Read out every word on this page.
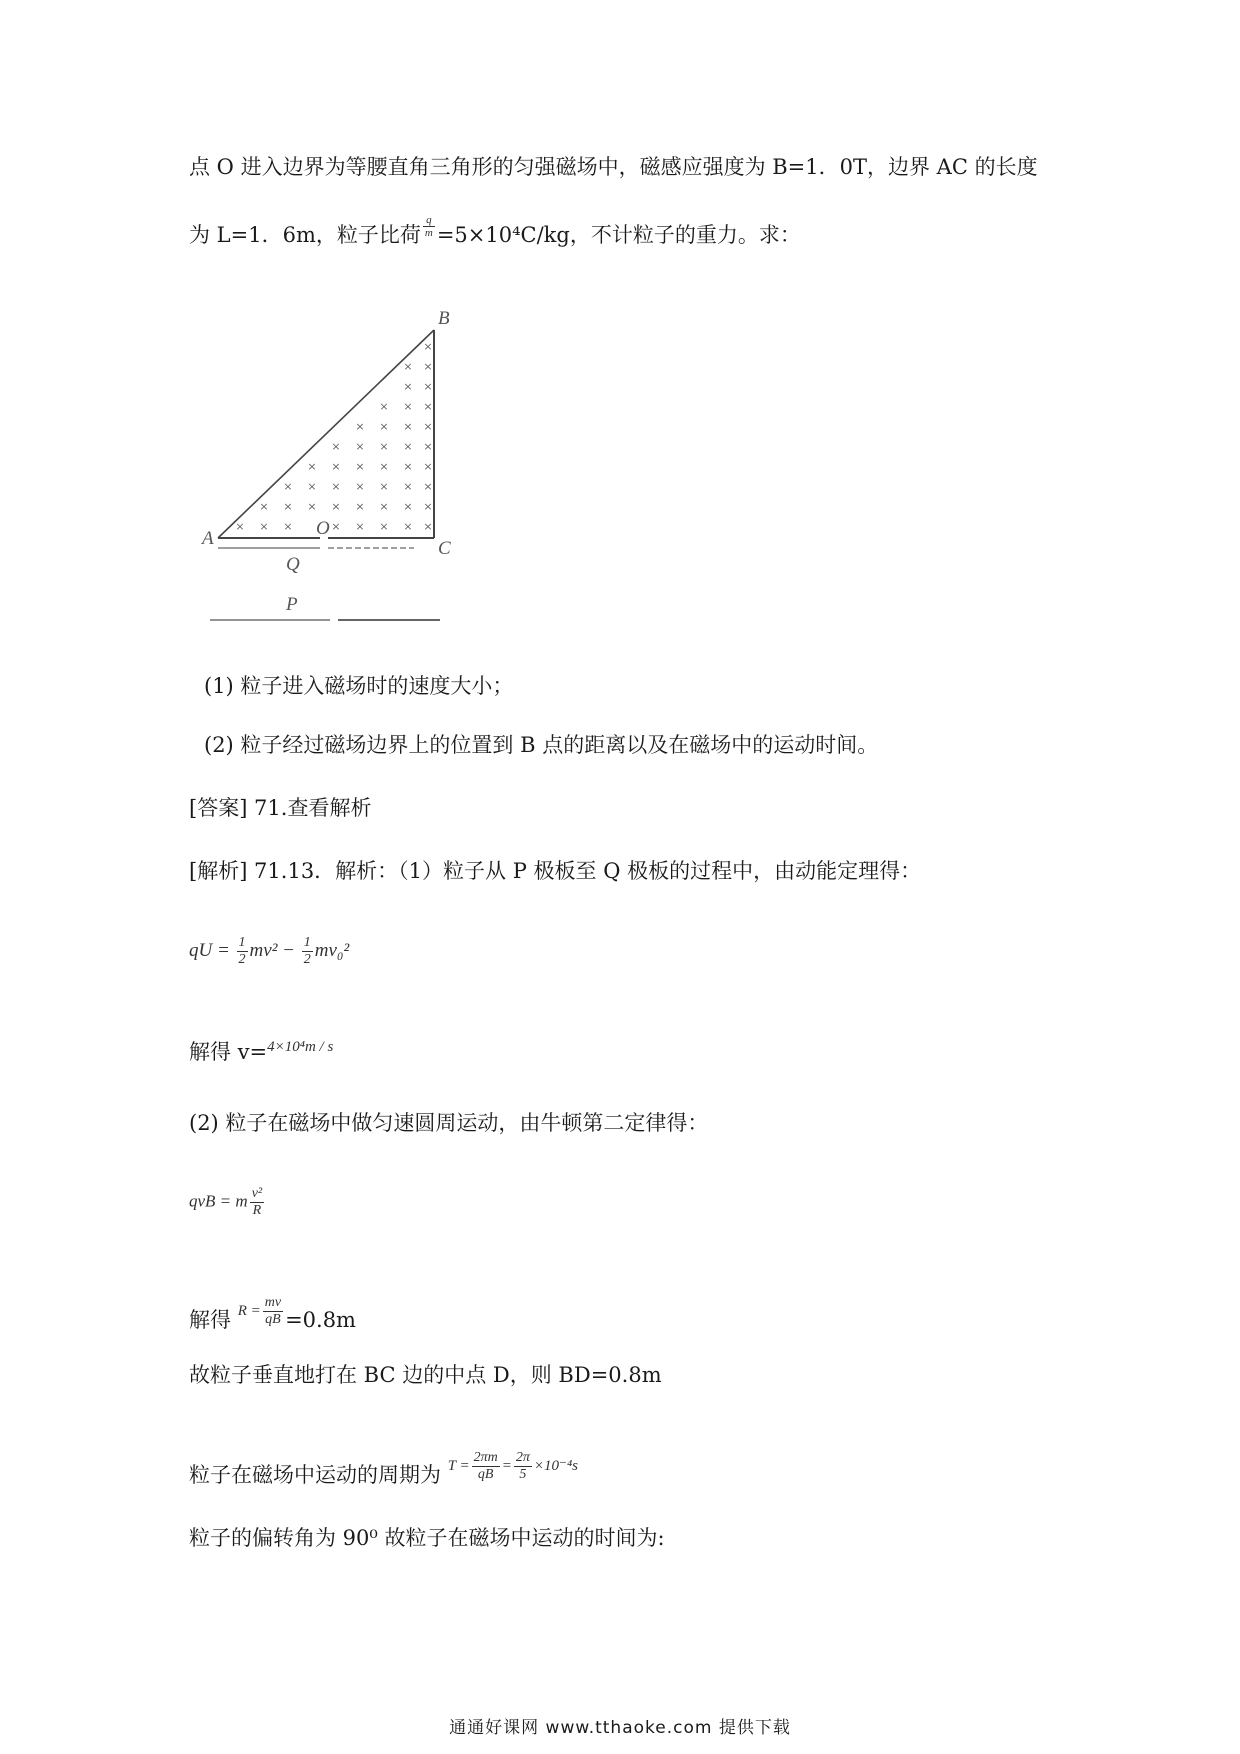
点 O 进入边界为等腰直角三角形的匀强磁场中，磁感应强度为 B=1．0T，边界 AC 的长度
为 L=1．6m，粒子比荷 $\frac{q}{m} =5\times 10^4C/kg$，不计粒子的重力。求：
× × ×	× × × × ×
× × × × × × × ×
× × × × × × ×
× × × × × ×
× × × × ×
× × × ×
× × ×
× ×
× ×
×
A
B
C
O
Q
P
(1) 粒子进入磁场时的速度大小；
(2) 粒子经过磁场边界上的位置到 B 点的距离以及在磁场中的运动时间。
[答案] 71.查看解析
[解析] 71.13．解析：（1）粒子从 P 极板至 Q 极板的过程中，由动能定理得：
qU = $\frac{1}{2} mv^2 - \frac{1}{2} mv_0^2$
解得 v=$^{4\times 10^4m / s}$
(2) 粒子在磁场中做匀速圆周运动，由牛顿第二定律得：
qvB = m $\frac{\text{v²}}{R}$
解得 $^{R = \frac{mv}{qB}}$ =0.8m
故粒子垂直地打在 BC 边的中点 D，则 BD=0.8m
粒子在磁场中运动的周期为 $^{T = \frac{2\pi m}{qB} = \frac{2\pi}{5} \times 10^{-4}s}$
粒子的偏转角为 90⁰ 故粒子在磁场中运动的时间为:
通通好课网 www.tthaoke.com 提供下载
